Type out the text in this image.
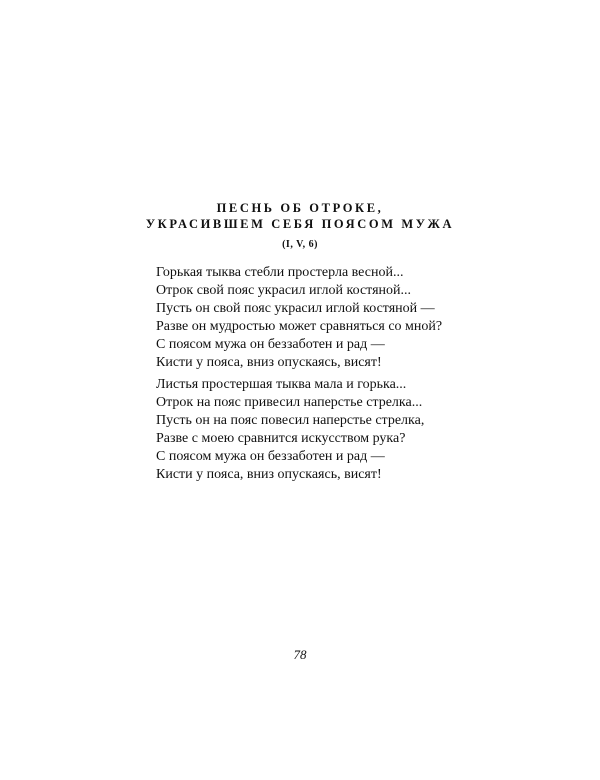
ПЕСНЬ ОБ ОТРОКЕ,
УКРАСИВШЕМ СЕБЯ ПОЯСОМ МУЖА
(I, V, 6)
Горькая тыква стебли простерла весной...
Отрок свой пояс украсил иглой костяной...
Пусть он свой пояс украсил иглой костяной —
Разве он мудростью может сравняться со мной?
С поясом мужа он беззаботен и рад —
Кисти у пояса, вниз опускаясь, висят!
Листья простершая тыква мала и горька...
Отрок на пояс привесил наперстье стрелка...
Пусть он на пояс повесил наперстье стрелка,
Разве с моею сравнится искусством рука?
С поясом мужа он беззаботен и рад —
Кисти у пояса, вниз опускаясь, висят!
78
